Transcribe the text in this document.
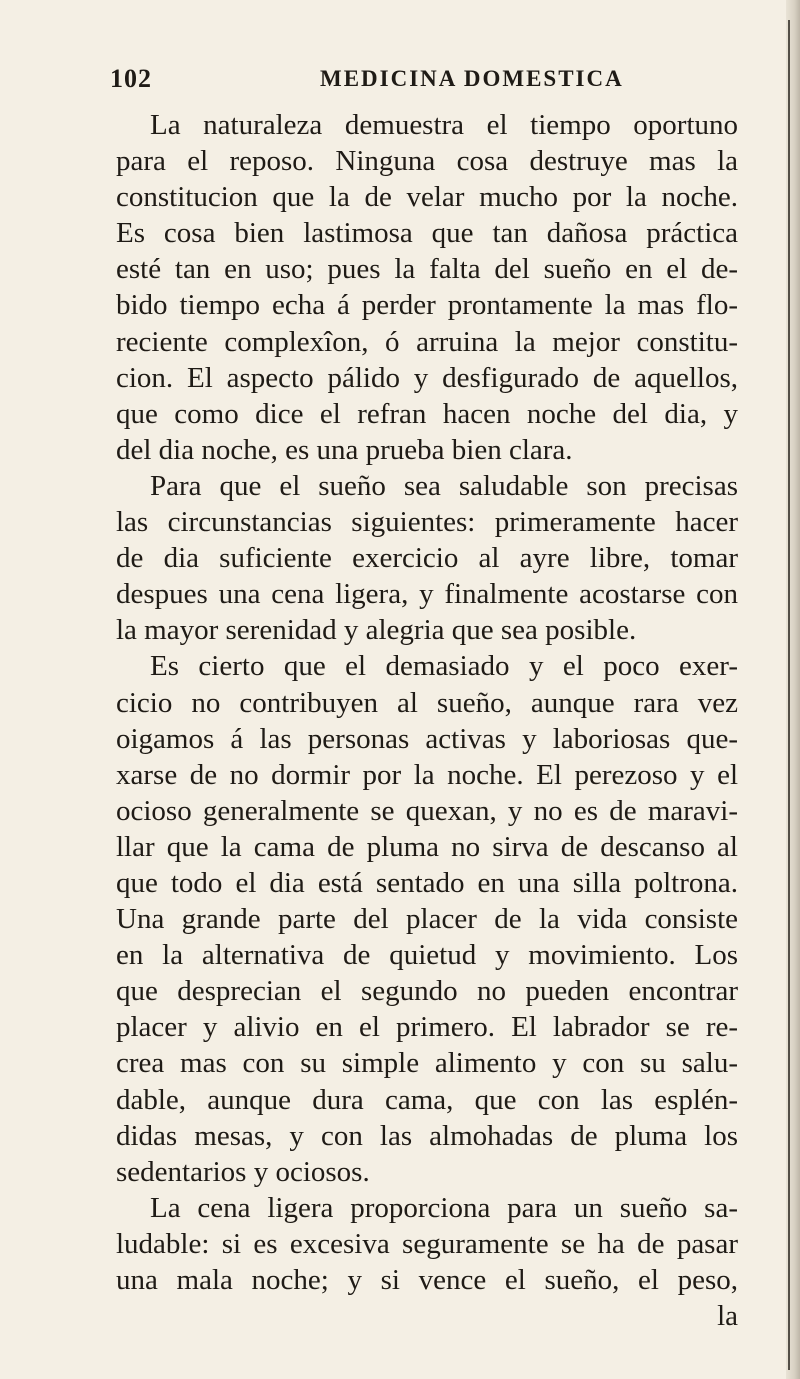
102	MEDICINA DOMESTICA
La naturaleza demuestra el tiempo oportuno
para el reposo. Ninguna cosa destruye mas la
constitucion que la de velar mucho por la noche.
Es cosa bien lastimosa que tan dañosa práctica
esté tan en uso; pues la falta del sueño en el de-
bido tiempo echa á perder prontamente la mas flo-
reciente complexîon, ó arruina la mejor constitu-
cion. El aspecto pálido y desfigurado de aquellos,
que como dice el refran hacen noche del dia, y
del dia noche, es una prueba bien clara.
Para que el sueño sea saludable son precisas
las circunstancias siguientes: primeramente hacer
de dia suficiente exercicio al ayre libre, tomar
despues una cena ligera, y finalmente acostarse con
la mayor serenidad y alegria que sea posible.
Es cierto que el demasiado y el poco exer-
cicio no contribuyen al sueño, aunque rara vez
oigamos á las personas activas y laboriosas que-
xarse de no dormir por la noche. El perezoso y el
ocioso generalmente se quexan, y no es de maravi-
llar que la cama de pluma no sirva de descanso al
que todo el dia está sentado en una silla poltrona.
Una grande parte del placer de la vida consiste
en la alternativa de quietud y movimiento. Los
que desprecian el segundo no pueden encontrar
placer y alivio en el primero. El labrador se re-
crea mas con su simple alimento y con su salu-
dable, aunque dura cama, que con las esplén-
didas mesas, y con las almohadas de pluma los
sedentarios y ociosos.
La cena ligera proporciona para un sueño sa-
ludable: si es excesiva seguramente se ha de pasar
una mala noche; y si vence el sueño, el peso,
la
